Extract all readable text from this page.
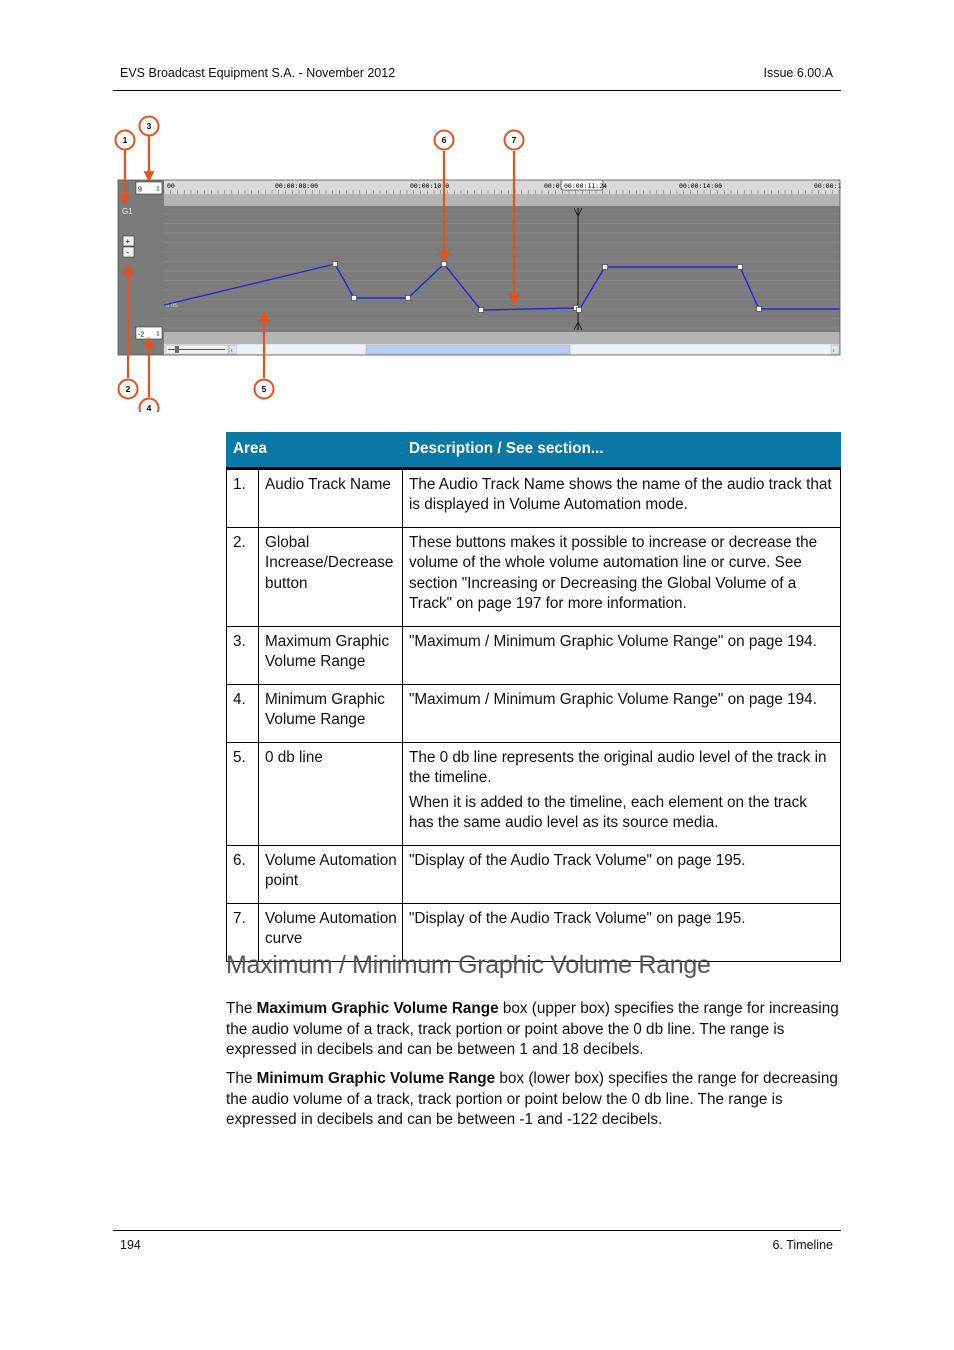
EVS Broadcast Equipment S.A. - November 2012	Issue 6.00.A
9 ⇕
G1
+
-
-2 ⇕
00	00:00:08:00	00:00:10:0	00:0	00:00:14:00	00:00:1
00:00:11:24
0 db
‹	›
1
3
6	7
2
4
5
Area		Description / See section...
1.	Audio Track Name	The Audio Track Name shows the name of the audio track that is displayed in Volume Automation mode.

2.	Global Increase/Decrease button	These buttons makes it possible to increase or decrease the volume of the whole volume automation line or curve. See section "Increasing or Decreasing the Global Volume of a Track" on page 197 for more information.

3.	Maximum Graphic Volume Range	"Maximum / Minimum Graphic Volume Range" on page 194.

4.	Minimum Graphic Volume Range	"Maximum / Minimum Graphic Volume Range" on page 194.

5.	0 db line	The 0 db line represents the original audio level of the track in the timeline.

When it is added to the timeline, each element on the track has the same audio level as its source media.

6.	Volume Automation point	"Display of the Audio Track Volume" on page 195.

7.	Volume Automation curve	"Display of the Audio Track Volume" on page 195.

Maximum / Minimum Graphic Volume Range

The Maximum Graphic Volume Range box (upper box) specifies the range for increasing the audio volume of a track, track portion or point above the 0 db line. The range is expressed in decibels and can be between 1 and 18 decibels.

The Minimum Graphic Volume Range box (lower box) specifies the range for decreasing the audio volume of a track, track portion or point below the 0 db line. The range is expressed in decibels and can be between -1 and -122 decibels.

194	6. Timeline
